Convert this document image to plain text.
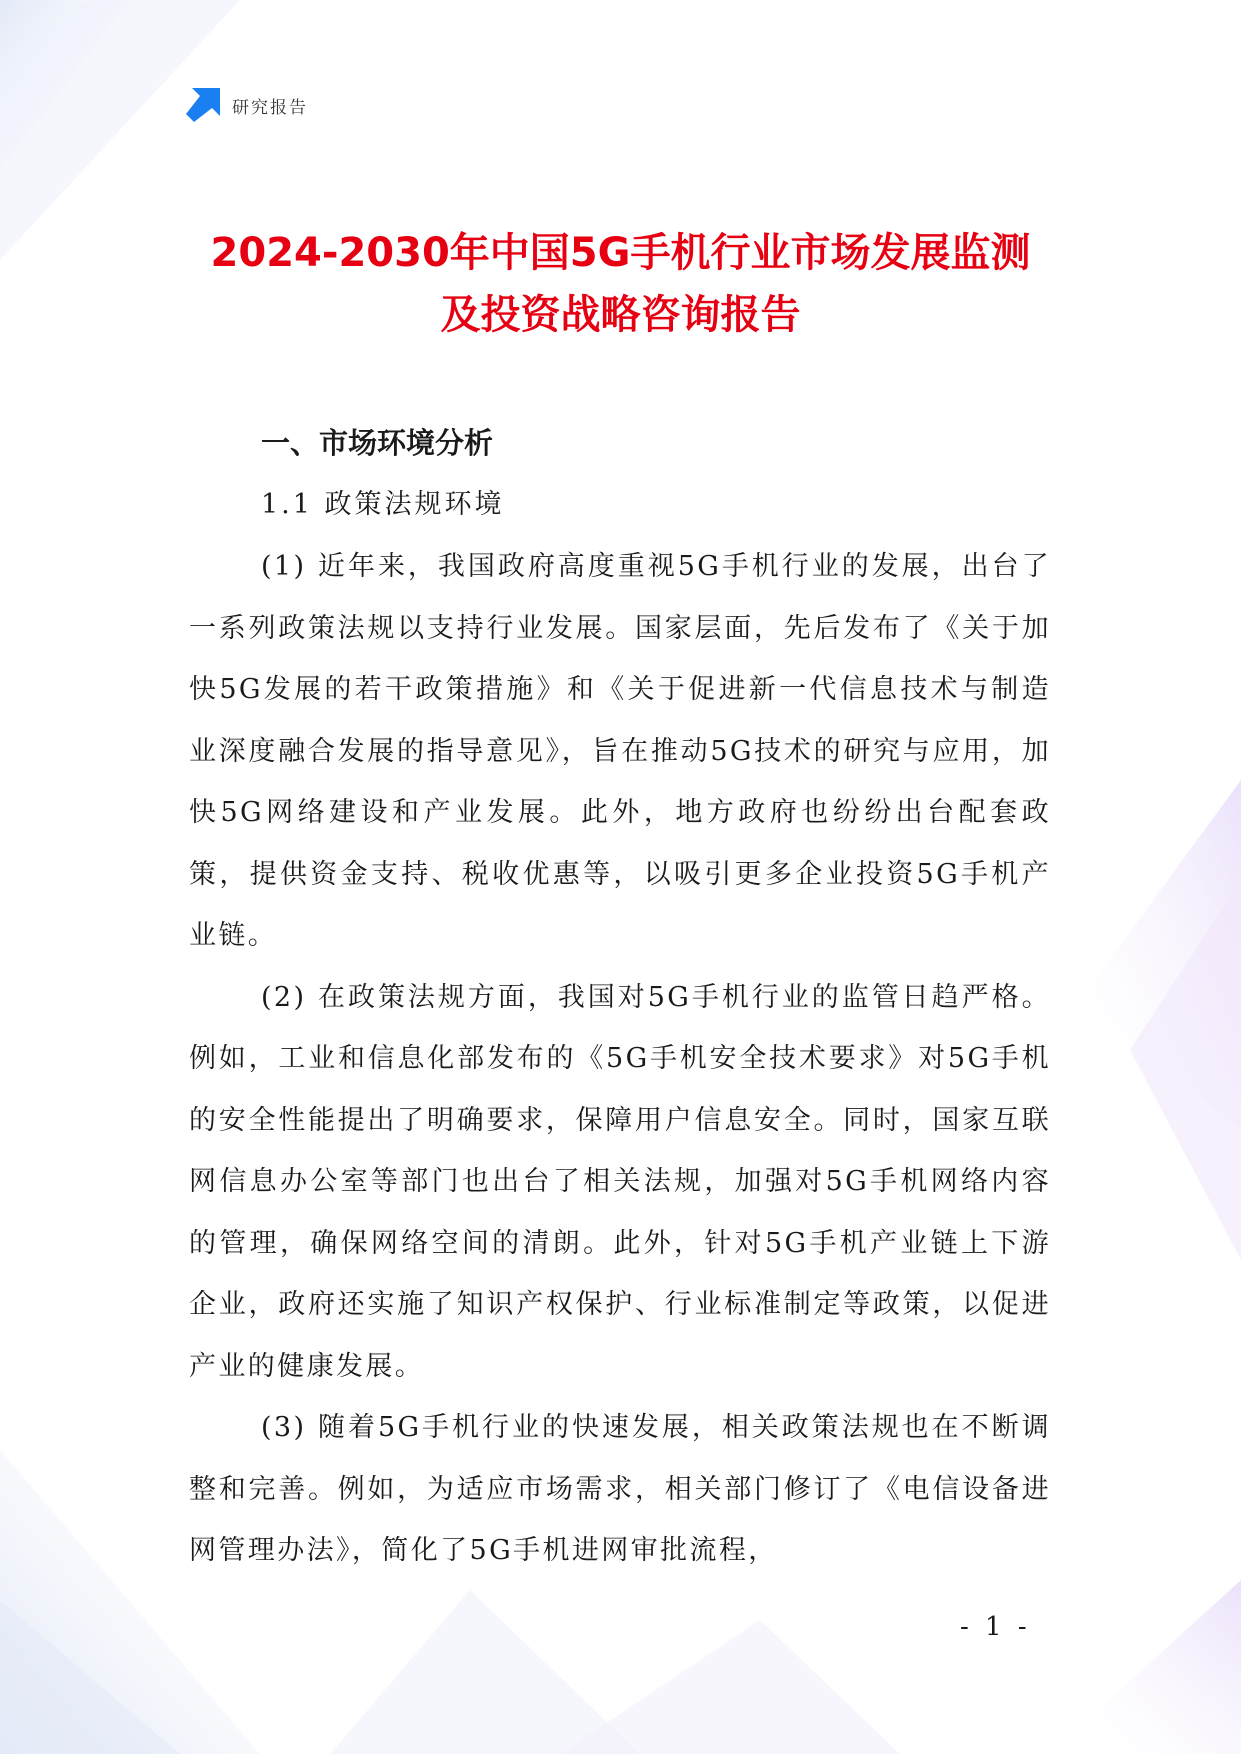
研究报告
2024-2030年中国5G手机行业市场发展监测
及投资战略咨询报告
一、市场环境分析
1.1 政策法规环境

(1) 近年来，我国政府高度重视5G手机行业的发展，出台了一系列政策法规以支持行业发展。国家层面，先后发布了《关于加快5G发展的若干政策措施》和《关于促进新一代信息技术与制造业深度融合发展的指导意见》，旨在推动5G技术的研究与应用，加快5G网络建设和产业发展。此外，地方政府也纷纷出台配套政策，提供资金支持、税收优惠等，以吸引更多企业投资5G手机产业链。

(2) 在政策法规方面，我国对5G手机行业的监管日趋严格。例如，工业和信息化部发布的《5G手机安全技术要求》对5G手机的安全性能提出了明确要求，保障用户信息安全。同时，国家互联网信息办公室等部门也出台了相关法规，加强对5G手机网络内容的管理，确保网络空间的清朗。此外，针对5G手机产业链上下游企业，政府还实施了知识产权保护、行业标准制定等政策，以促进产业的健康发展。

(3) 随着5G手机行业的快速发展，相关政策法规也在不断调整和完善。例如，为适应市场需求，相关部门修订了《电信设备进网管理办法》，简化了5G手机进网审批流程，

- 1 -
